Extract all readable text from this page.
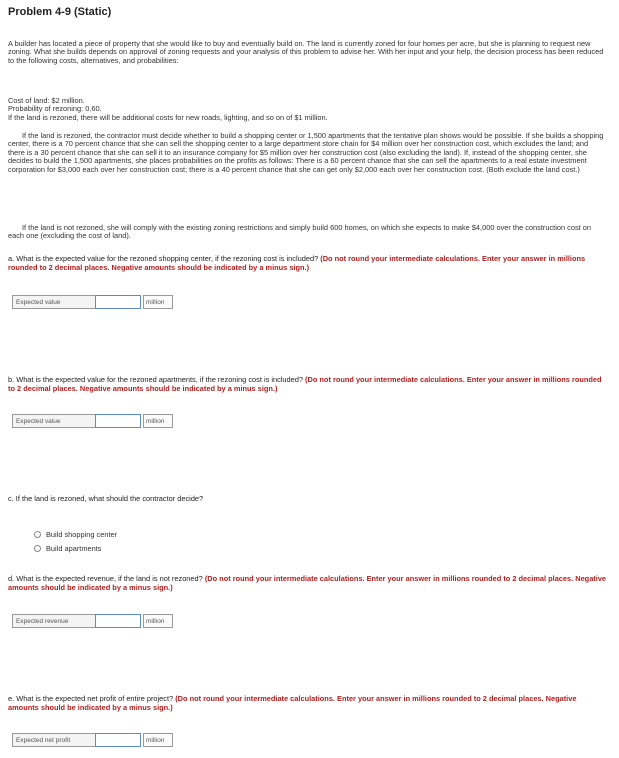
Problem 4-9 (Static)

A builder has located a piece of property that she would like to buy and eventually build on. The land is currently zoned for four homes per acre, but she is planning to request new zoning. What she builds depends on approval of zoning requests and your analysis of this problem to advise her. With her input and your help, the decision process has been reduced to the following costs, alternatives, and probabilities:

Cost of land: $2 million.

Probability of rezoning: 0.60.

If the land is rezoned, there will be additional costs for new roads, lighting, and so on of $1 million.

If the land is rezoned, the contractor must decide whether to build a shopping center or 1,500 apartments that the tentative plan shows would be possible. If she builds a shopping center, there is a 70 percent chance that she can sell the shopping center to a large department store chain for $4 million over her construction cost, which excludes the land; and there is a 30 percent chance that she can sell it to an insurance company for $5 million over her construction cost (also excluding the land). If, instead of the shopping center, she decides to build the 1,500 apartments, she places probabilities on the profits as follows: There is a 60 percent chance that she can sell the apartments to a real estate investment corporation for $3,000 each over her construction cost; there is a 40 percent chance that she can get only $2,000 each over her construction cost. (Both exclude the land cost.)

If the land is not rezoned, she will comply with the existing zoning restrictions and simply build 600 homes, on which she expects to make $4,000 over the construction cost on each one (excluding the cost of land).

a. What is the expected value for the rezoned shopping center, if the rezoning cost is included? (Do not round your intermediate calculations. Enter your answer in millions rounded to 2 decimal places. Negative amounts should be indicated by a minus sign.)

Expected value	million

b. What is the expected value for the rezoned apartments, if the rezoning cost is included? (Do not round your intermediate calculations. Enter your answer in millions rounded to 2 decimal places. Negative amounts should be indicated by a minus sign.)

Expected value	million

c. If the land is rezoned, what should the contractor decide?

Build shopping center
Build apartments

d. What is the expected revenue, if the land is not rezoned? (Do not round your intermediate calculations. Enter your answer in millions rounded to 2 decimal places. Negative amounts should be indicated by a minus sign.)

Expected revenue	million

e. What is the expected net profit of entire project? (Do not round your intermediate calculations. Enter your answer in millions rounded to 2 decimal places. Negative amounts should be indicated by a minus sign.)

Expected net profit	million
